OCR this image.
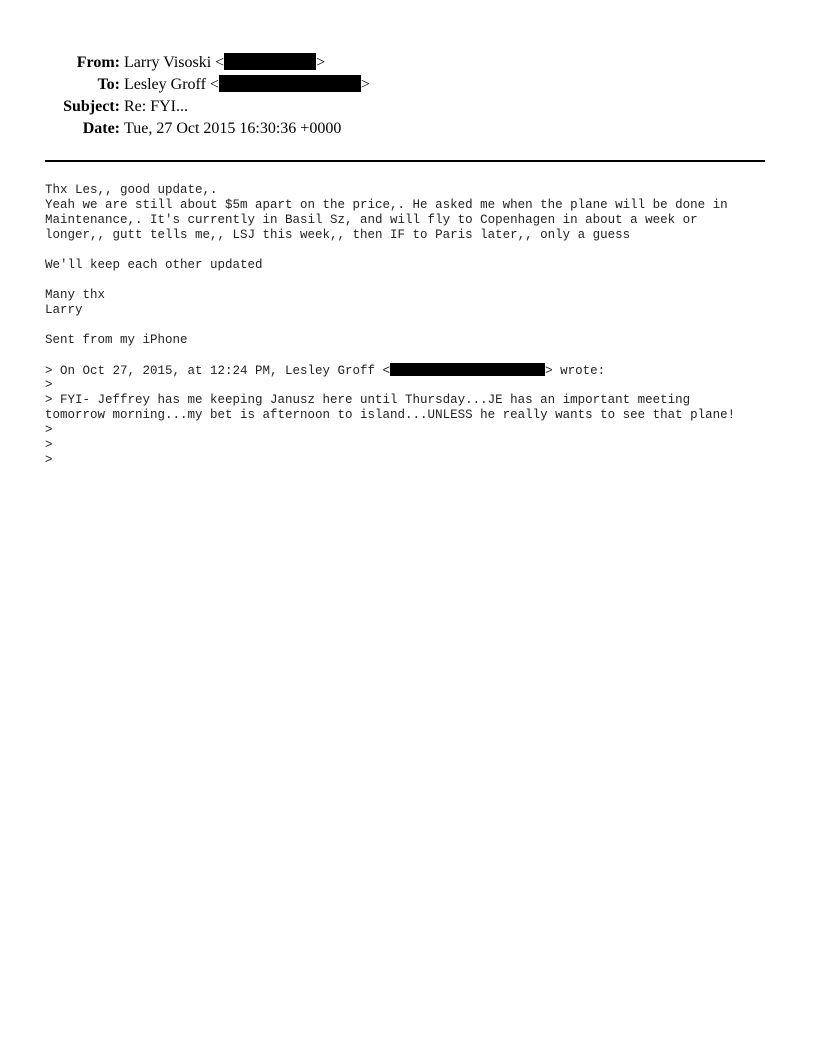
From: Larry Visoski <	>
To: Lesley Groff <	>
Subject: Re: FYI...
Date: Tue, 27 Oct 2015 16:30:36 +0000
Thx Les,, good update,.
Yeah we are still about $5m apart on the price,. He asked me when the plane will be done in
Maintenance,. It's currently in Basil Sz, and will fly to Copenhagen in about a week or
longer,, gutt tells me,, LSJ this week,, then IF to Paris later,, only a guess
We'll keep each other updated
Many thx
Larry
Sent from my iPhone
> On Oct 27, 2015, at 12:24 PM, Lesley Groff <	> wrote:
>
> FYI- Jeffrey has me keeping Janusz here until Thursday...JE has an important meeting
tomorrow morning...my bet is afternoon to island...UNLESS he really wants to see that plane!
>
>
>
